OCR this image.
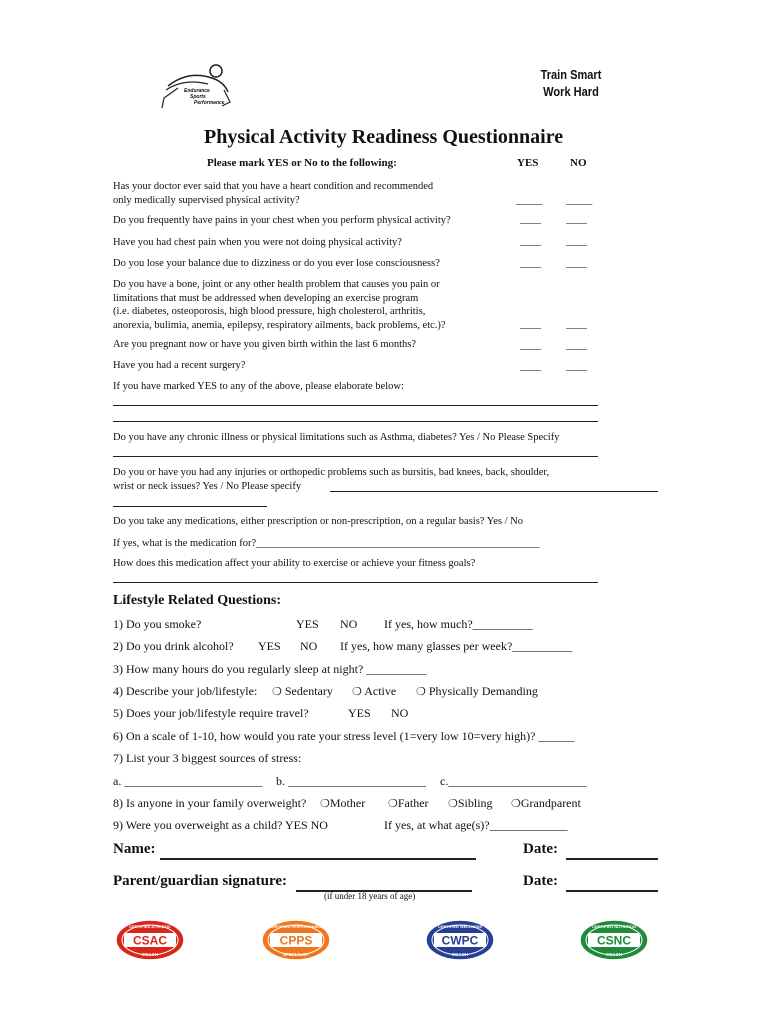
Endurance
Sports
Performance
Train Smart
Work Hard
Physical Activity Readiness Questionnaire
Please mark YES or No to the following:	YES	NO
Has your doctor ever said that you have a heart condition and recommended
only medically supervised physical activity?	_____ _____
Do you frequently have pains in your chest when you perform physical activity?	____ ____
Have you had chest pain when you were not doing physical activity?	____ ____
Do you lose your balance due to dizziness or do you ever lose consciousness?	____ ____
Do you have a bone, joint or any other health problem that causes you pain or
limitations that must be addressed when developing an exercise program
(i.e. diabetes, osteoporosis, high blood pressure, high cholesterol, arthritis,
anorexia, bulimia, anemia, epilepsy, respiratory ailments, back problems, etc.)?	____ ____
Are you pregnant now or have you given birth within the last 6 months?	____ ____
Have you had a recent surgery?	____ ____
If you have marked YES to any of the above, please elaborate below:
Do you have any chronic illness or physical limitations such as Asthma, diabetes? Yes / No Please Specify
Do you or have you had any injuries or orthopedic problems such as bursitis, bad knees, back, shoulder,
wrist or neck issues? Yes / No Please specify
Do you take any medications, either prescription or non-prescription, on a regular basis? Yes / No
If yes, what is the medication for?______________________________________________________
How does this medication affect your ability to exercise or achieve your fitness goals?
Lifestyle Related Questions:
1) Do you smoke?	YES NO If yes, how much?__________
2) Do you drink alcohol? YES NO If yes, how many glasses per week?__________
3) How many hours do you regularly sleep at night? __________
4) Describe your job/lifestyle: ❍ Sedentary ❍ Active ❍ Physically Demanding
5) Does your job/lifestyle require travel?	YES NO
6) On a scale of 1-10, how would you rate your stress level (1=very low 10=very high)? ______
7) List your 3 biggest sources of stress:
a. _______________________ b. _______________________ c._______________________
8) Is anyone in your family overweight? ❍Mother ❍Father ❍Sibling ❍Grandparent
9) Were you overweight as a child? YES NO	If yes, at what age(s)?_____________
Name:	Date:
Parent/guardian signature:	Date:
(if under 18 years of age)
CSAC
CERTIFIED ATHLETIC
COACH
CPPS
CERTIFIED PERFORMANCE
SPECIALIST
CWPC
CERTIFIED WELLNESS
COACH
CSNC
CERTIFIED NUTRITION
COACH
